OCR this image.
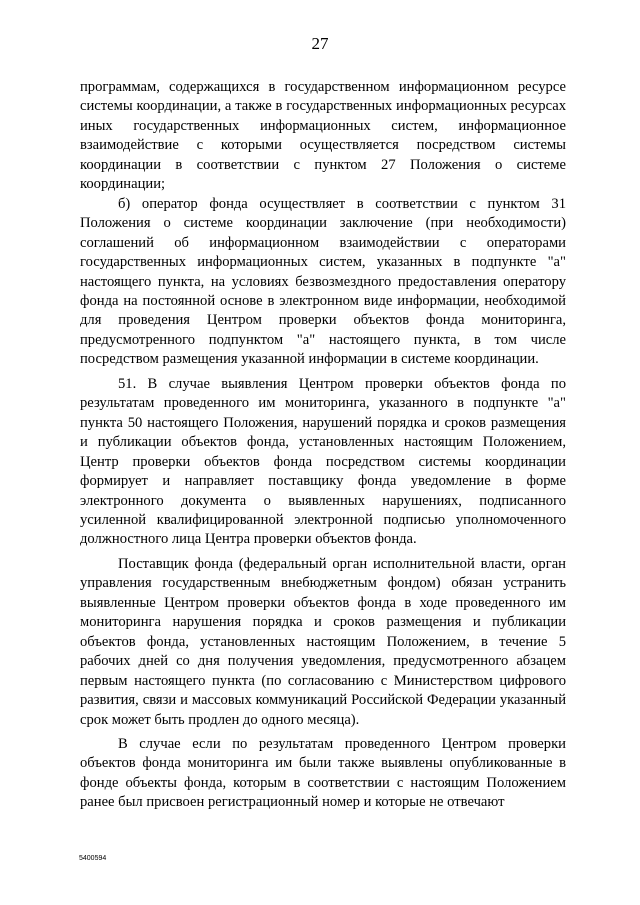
27

программам, содержащихся в государственном информационном ресурсе системы координации, а также в государственных информационных ресурсах иных государственных информационных систем, информационное взаимодействие с которыми осуществляется посредством системы координации в соответствии с пунктом 27 Положения о системе координации;

б) оператор фонда осуществляет в соответствии с пунктом 31 Положения о системе координации заключение (при необходимости) соглашений об информационном взаимодействии с операторами государственных информационных систем, указанных в подпункте "а" настоящего пункта, на условиях безвозмездного предоставления оператору фонда на постоянной основе в электронном виде информации, необходимой для проведения Центром проверки объектов фонда мониторинга, предусмотренного подпунктом "а" настоящего пункта, в том числе посредством размещения указанной информации в системе координации.

51. В случае выявления Центром проверки объектов фонда по результатам проведенного им мониторинга, указанного в подпункте "а" пункта 50 настоящего Положения, нарушений порядка и сроков размещения и публикации объектов фонда, установленных настоящим Положением, Центр проверки объектов фонда посредством системы координации формирует и направляет поставщику фонда уведомление в форме электронного документа о выявленных нарушениях, подписанного усиленной квалифицированной электронной подписью уполномоченного должностного лица Центра проверки объектов фонда.

Поставщик фонда (федеральный орган исполнительной власти, орган управления государственным внебюджетным фондом) обязан устранить выявленные Центром проверки объектов фонда в ходе проведенного им мониторинга нарушения порядка и сроков размещения и публикации объектов фонда, установленных настоящим Положением, в течение 5 рабочих дней со дня получения уведомления, предусмотренного абзацем первым настоящего пункта (по согласованию с Министерством цифрового развития, связи и массовых коммуникаций Российской Федерации указанный срок может быть продлен до одного месяца).

В случае если по результатам проведенного Центром проверки объектов фонда мониторинга им были также выявлены опубликованные в фонде объекты фонда, которым в соответствии с настоящим Положением ранее был присвоен регистрационный номер и которые не отвечают

5400594
